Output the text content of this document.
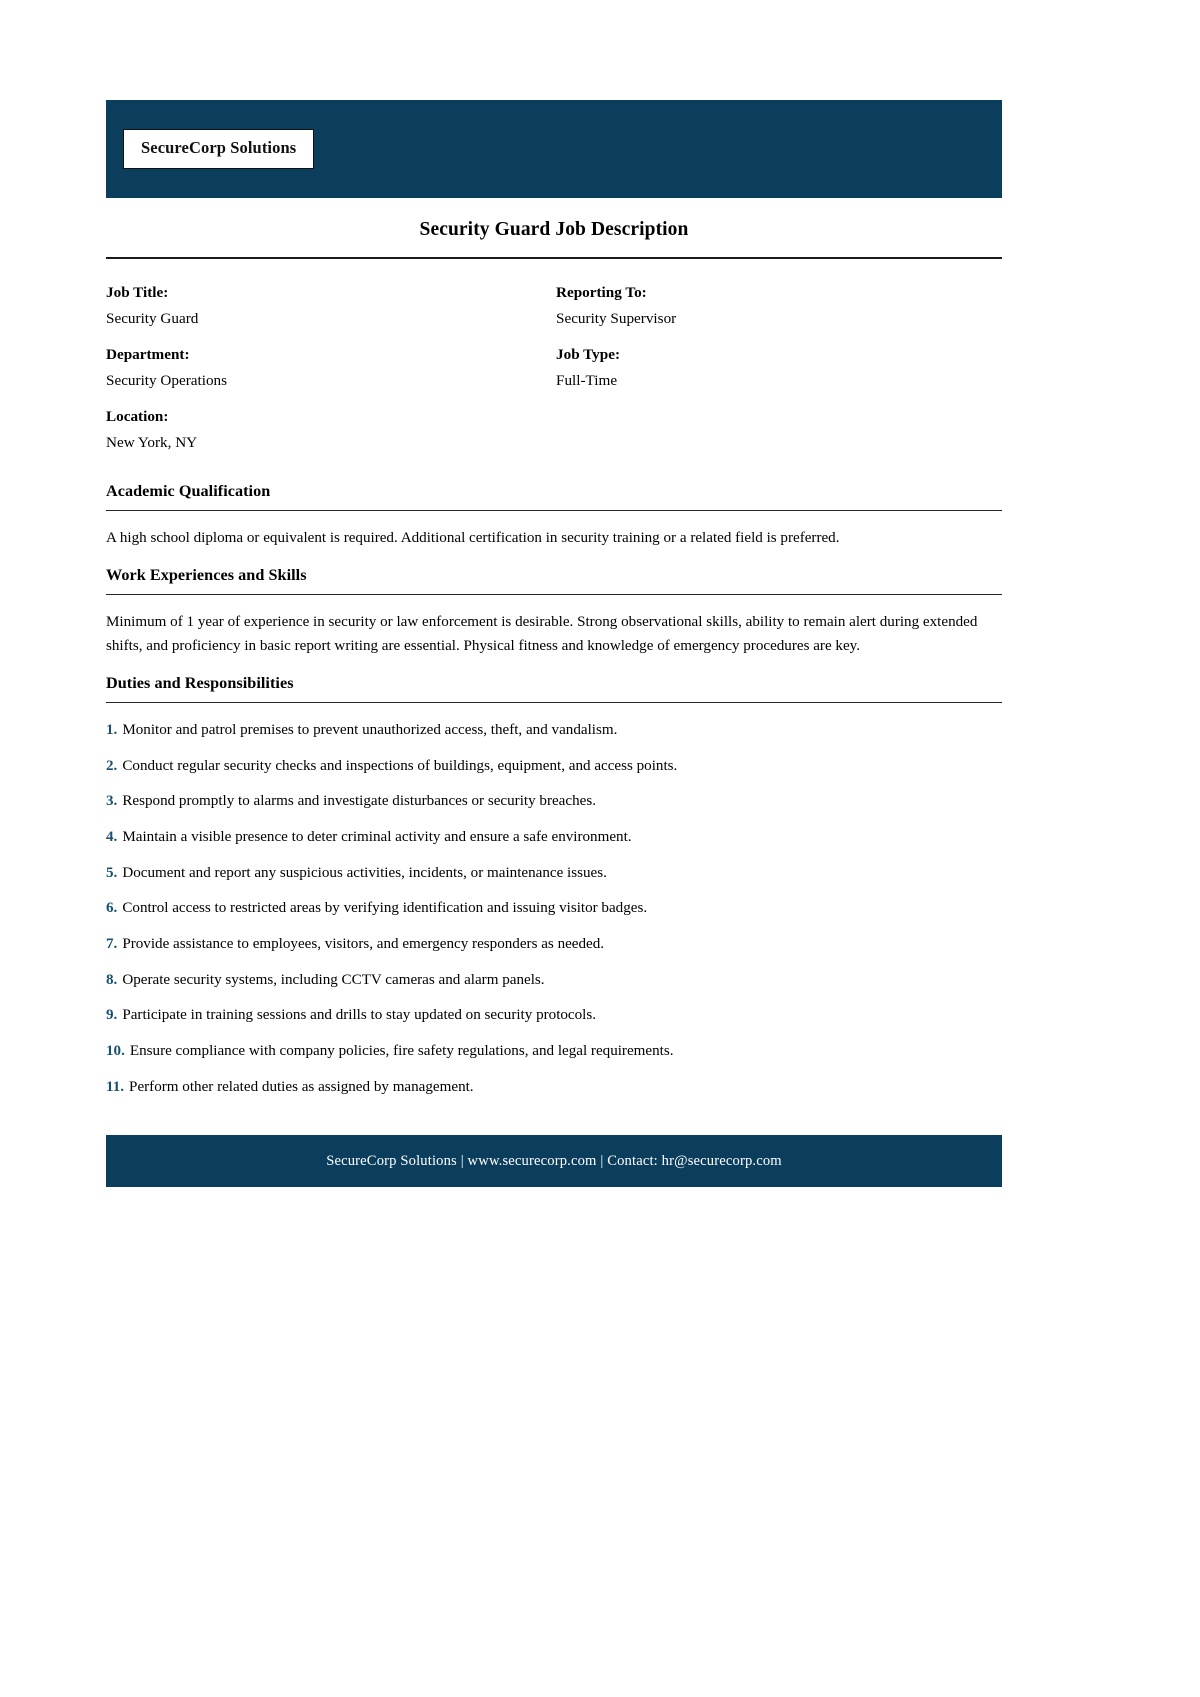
SecureCorp Solutions
Security Guard Job Description
Job Title:
Security Guard
Reporting To:
Security Supervisor
Department:
Security Operations
Job Type:
Full-Time
Location:
New York, NY
Academic Qualification

A high school diploma or equivalent is required. Additional certification in security training or a related field is preferred.

Work Experiences and Skills

Minimum of 1 year of experience in security or law enforcement is desirable. Strong observational skills, ability to remain alert during extended shifts, and proficiency in basic report writing are essential. Physical fitness and knowledge of emergency procedures are key.

Duties and Responsibilities
1. Monitor and patrol premises to prevent unauthorized access, theft, and vandalism.
2. Conduct regular security checks and inspections of buildings, equipment, and access points.
3. Respond promptly to alarms and investigate disturbances or security breaches.
4. Maintain a visible presence to deter criminal activity and ensure a safe environment.
5. Document and report any suspicious activities, incidents, or maintenance issues.
6. Control access to restricted areas by verifying identification and issuing visitor badges.
7. Provide assistance to employees, visitors, and emergency responders as needed.
8. Operate security systems, including CCTV cameras and alarm panels.
9. Participate in training sessions and drills to stay updated on security protocols.
10. Ensure compliance with company policies, fire safety regulations, and legal requirements.
11. Perform other related duties as assigned by management.
SecureCorp Solutions | www.securecorp.com | Contact: hr@securecorp.com
